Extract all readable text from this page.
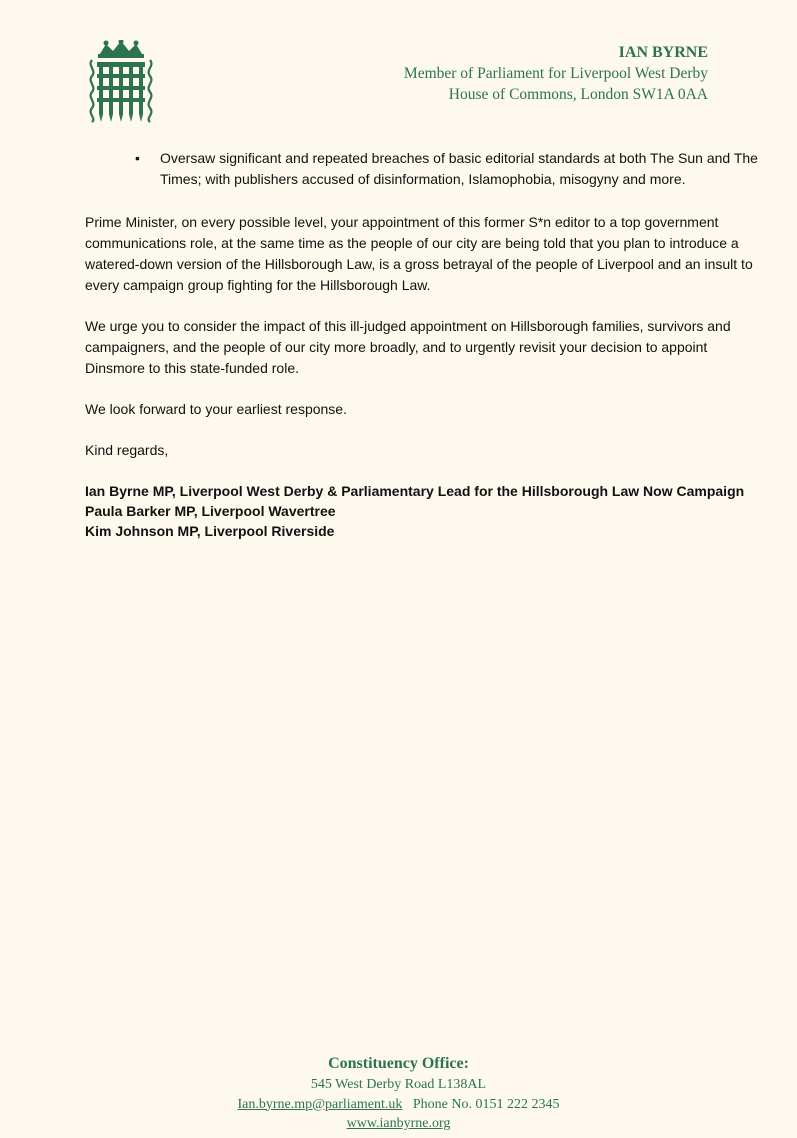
IAN BYRNE
Member of Parliament for Liverpool West Derby
House of Commons, London SW1A 0AA
• Oversaw significant and repeated breaches of basic editorial standards at both The Sun and The Times; with publishers accused of disinformation, Islamophobia, misogyny and more.

Prime Minister, on every possible level, your appointment of this former S*n editor to a top government communications role, at the same time as the people of our city are being told that you plan to introduce a watered-down version of the Hillsborough Law, is a gross betrayal of the people of Liverpool and an insult to every campaign group fighting for the Hillsborough Law.

We urge you to consider the impact of this ill-judged appointment on Hillsborough families, survivors and campaigners, and the people of our city more broadly, and to urgently revisit your decision to appoint Dinsmore to this state-funded role.

We look forward to your earliest response.

Kind regards,

Ian Byrne MP, Liverpool West Derby & Parliamentary Lead for the Hillsborough Law Now Campaign
Paula Barker MP, Liverpool Wavertree
Kim Johnson MP, Liverpool Riverside
Constituency Office:
545 West Derby Road L138AL
Ian.byrne.mp@parliament.uk Phone No. 0151 222 2345
www.ianbyrne.org
